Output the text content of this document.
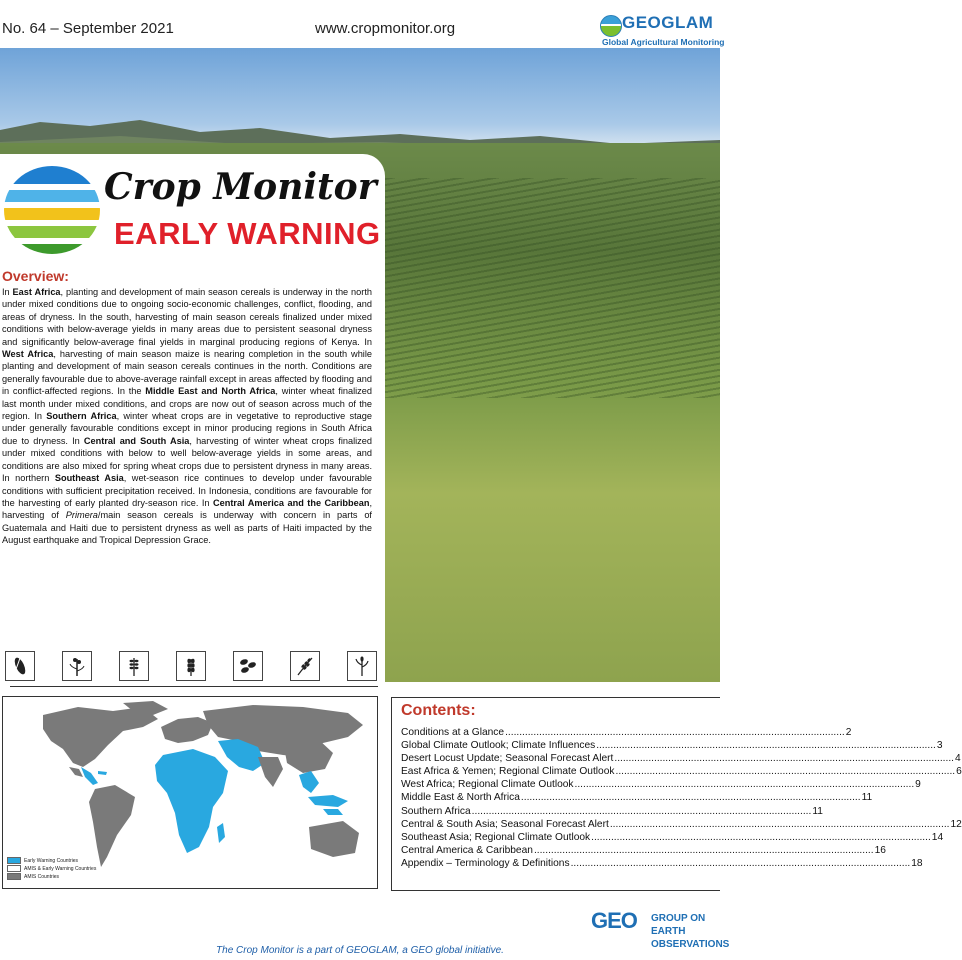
No. 64 – September 2021	www.cropmonitor.org	GEOGLAM
Global Agricultural Monitoring
Crop Monitor
EARLY WARNING
Overview:
In East Africa, planting and development of main season cereals is underway in the north under mixed conditions due to ongoing socio-economic challenges, conflict, flooding, and areas of dryness. In the south, harvesting of main season cereals finalized under mixed conditions with below-average yields in many areas due to persistent seasonal dryness and significantly below-average final yields in marginal producing regions of Kenya. In West Africa, harvesting of main season maize is nearing completion in the south while planting and development of main season cereals continues in the north. Conditions are generally favourable due to above-average rainfall except in areas affected by flooding and in conflict-affected regions. In the Middle East and North Africa, winter wheat finalized last month under mixed conditions, and crops are now out of season across much of the region. In Southern Africa, winter wheat crops are in vegetative to reproductive stage under generally favourable conditions except in minor producing regions in South Africa due to dryness. In Central and South Asia, harvesting of winter wheat crops finalized under mixed conditions with below to well below-average yields in some areas, and conditions are also mixed for spring wheat crops due to persistent dryness in many areas. In northern Southeast Asia, wet-season rice continues to develop under favourable conditions with sufficient precipitation received. In Indonesia, conditions are favourable for the harvesting of early planted dry-season rice. In Central America and the Caribbean, harvesting of Primera/main season cereals is underway with concern in parts of Guatemala and Haiti due to persistent dryness as well as parts of Haiti impacted by the August earthquake and Tropical Depression Grace.
Early Warning Countries
AMIS & Early Warning Countries
AMIS Countries
Contents:
Conditions at a Glance .....	2
Global Climate Outlook; Climate Influences .....	3
Desert Locust Update; Seasonal Forecast Alert .....	4
East Africa & Yemen; Regional Climate Outlook .....	6
West Africa; Regional Climate Outlook .....	9
Middle East & North Africa .....	11
Southern Africa .....	11
Central & South Asia; Seasonal Forecast Alert .....	12
Southeast Asia; Regional Climate Outlook .....	14
Central America & Caribbean .....	16
Appendix – Terminology & Definitions .....	18
GEO GROUP ON EARTH OBSERVATIONS
The Crop Monitor is a part of GEOGLAM, a GEO global initiative.
